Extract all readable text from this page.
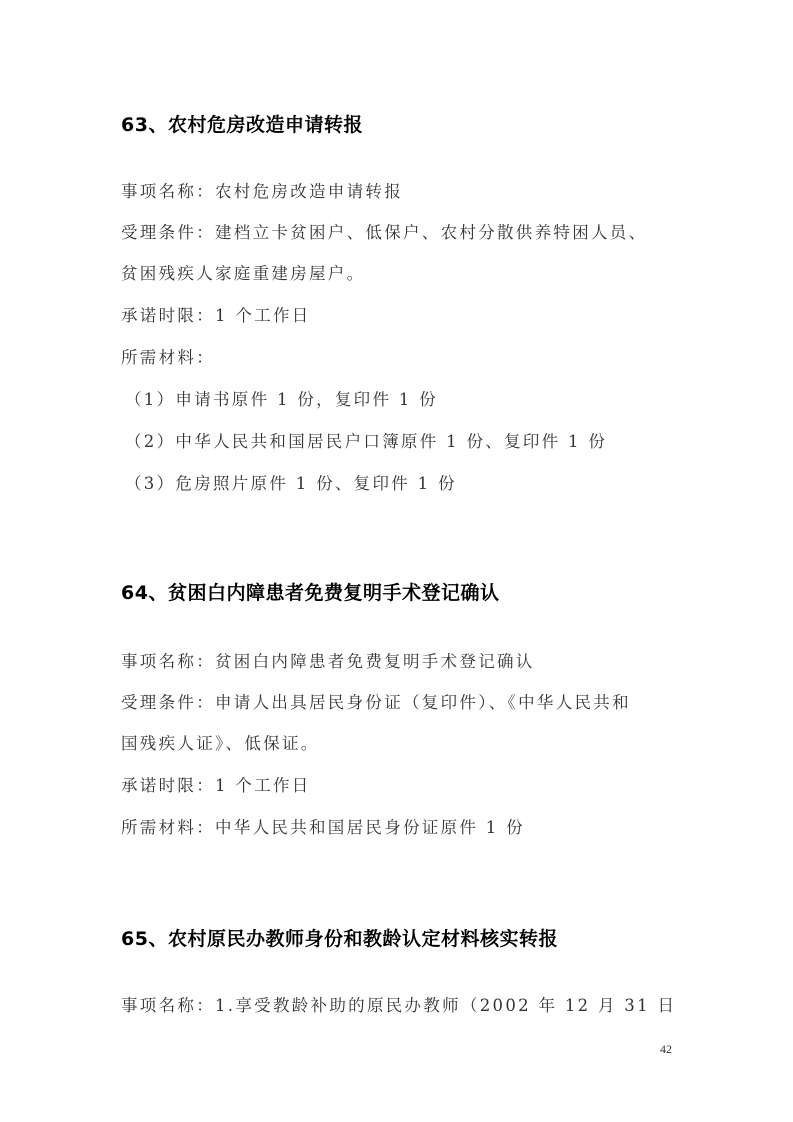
63、农村危房改造申请转报
事项名称：农村危房改造申请转报
受理条件：建档立卡贫困户、低保户、农村分散供养特困人员、
贫困残疾人家庭重建房屋户。
承诺时限：1 个工作日
所需材料：
（1）申请书原件 1 份，复印件 1 份
（2）中华人民共和国居民户口簿原件 1 份、复印件 1 份
（3）危房照片原件 1 份、复印件 1 份
64、贫困白内障患者免费复明手术登记确认
事项名称：贫困白内障患者免费复明手术登记确认
受理条件：申请人出具居民身份证（复印件）、《中华人民共和
国残疾人证》、低保证。
承诺时限：1 个工作日
所需材料：中华人民共和国居民身份证原件 1 份
65、农村原民办教师身份和教龄认定材料核实转报
事项名称：1.享受教龄补助的原民办教师（2002 年 12 月 31 日
42
